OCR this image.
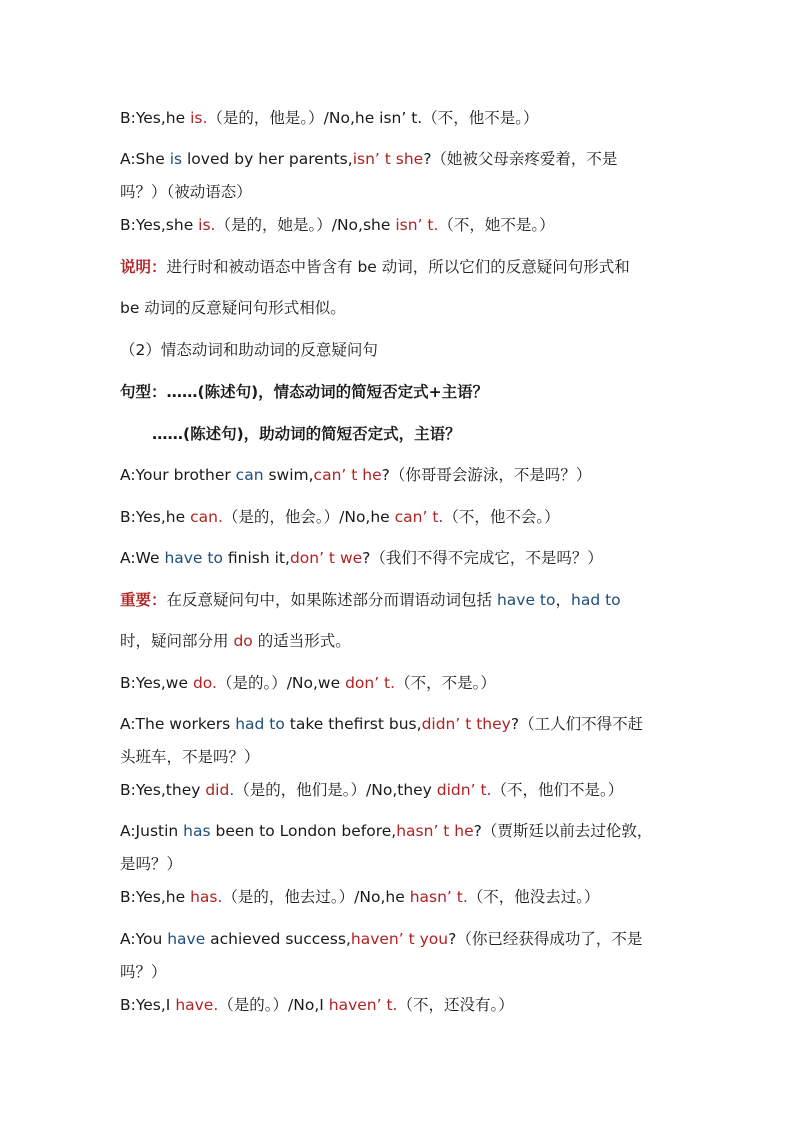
B:Yes,he is.（是的，他是。）/No,he isn’ t.（不，他不是。）
A:She is loved by her parents,isn’ t she?（她被父母亲疼爱着，不是
吗？）（被动语态）
B:Yes,she is.（是的，她是。）/No,she isn’ t.（不，她不是。）
说明：进行时和被动语态中皆含有 be 动词，所以它们的反意疑问句形式和
be 动词的反意疑问句形式相似。
（2）情态动词和助动词的反意疑问句
句型：……(陈述句)，情态动词的简短否定式+主语？
……(陈述句)，助动词的简短否定式，主语？
A:Your brother can swim,can’ t he?（你哥哥会游泳，不是吗？）
B:Yes,he can.（是的，他会。）/No,he can’ t.（不，他不会。）
A:We have to finish it,don’ t we?（我们不得不完成它，不是吗？）
重要：在反意疑问句中，如果陈述部分而谓语动词包括 have to，had to
时，疑问部分用 do 的适当形式。
B:Yes,we do.（是的。）/No,we don’ t.（不，不是。）
A:The workers had to take thefirst bus,didn’ t they?（工人们不得不赶
头班车，不是吗？）
B:Yes,they did.（是的，他们是。）/No,they didn’ t.（不，他们不是。）
A:Justin has been to London before,hasn’ t he?（贾斯廷以前去过伦敦，
是吗？）
B:Yes,he has.（是的，他去过。）/No,he hasn’ t.（不，他没去过。）
A:You have achieved success,haven’ t you?（你已经获得成功了，不是
吗？）
B:Yes,I have.（是的。）/No,I haven’ t.（不，还没有。）
